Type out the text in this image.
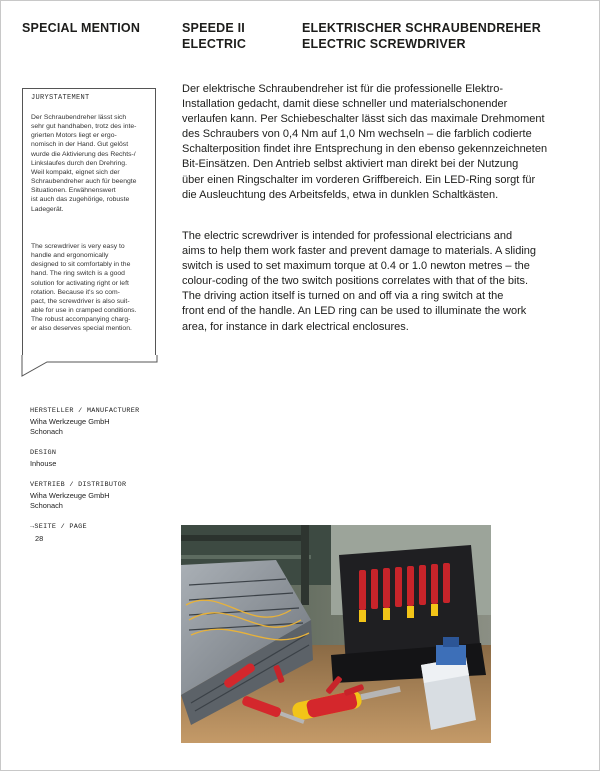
SPECIAL MENTION	SPEEDE II
ELECTRIC
ELEKTRISCHER SCHRAUBENDREHER
ELECTRIC SCREWDRIVER
JURYSTATEMENT
Der Schraubendreher lässt sich
sehr gut handhaben, trotz des inte-
grierten Motors liegt er ergo-
nomisch in der Hand. Gut gelöst
wurde die Aktivierung des Rechts-/
Linkslaufes durch den Drehring.
Weil kompakt, eignet sich der
Schraubendreher auch für beengte
Situationen. Erwähnenswert
ist auch das zugehörige, robuste
Ladegerät.
The screwdriver is very easy to
handle and ergonomically
designed to sit comfortably in the
hand. The ring switch is a good
solution for activating right or left
rotation. Because it's so com-
pact, the screwdriver is also suit-
able for use in cramped conditions.
The robust accompanying charg-
er also deserves special mention.
HERSTELLER / MANUFACTURER
Wiha Werkzeuge GmbH
Schonach
DESIGN
Inhouse
VERTRIEB / DISTRIBUTOR
Wiha Werkzeuge GmbH
Schonach
→SEITE / PAGE
28
Der elektrische Schraubendreher ist für die professionelle Elektro-
Installation gedacht, damit diese schneller und materialschonender
verlaufen kann. Per Schiebeschalter lässt sich das maximale Drehmoment
des Schraubers von 0,4 Nm auf 1,0 Nm wechseln – die farblich codierte
Schalterposition findet ihre Entsprechung in den ebenso gekennzeichneten
Bit-Einsätzen. Den Antrieb selbst aktiviert man direkt bei der Nutzung
über einen Ringschalter im vorderen Griffbereich. Ein LED-Ring sorgt für
die Ausleuchtung des Arbeitsfelds, etwa in dunklen Schaltkästen.
The electric screwdriver is intended for professional electricians and
aims to help them work faster and prevent damage to materials. A sliding
switch is used to set maximum torque at 0.4 or 1.0 newton metres – the
colour-coding of the two switch positions correlates with that of the bits.
The driving action itself is turned on and off via a ring switch at the
front end of the handle. An LED ring can be used to illuminate the work
area, for instance in dark electrical enclosures.
